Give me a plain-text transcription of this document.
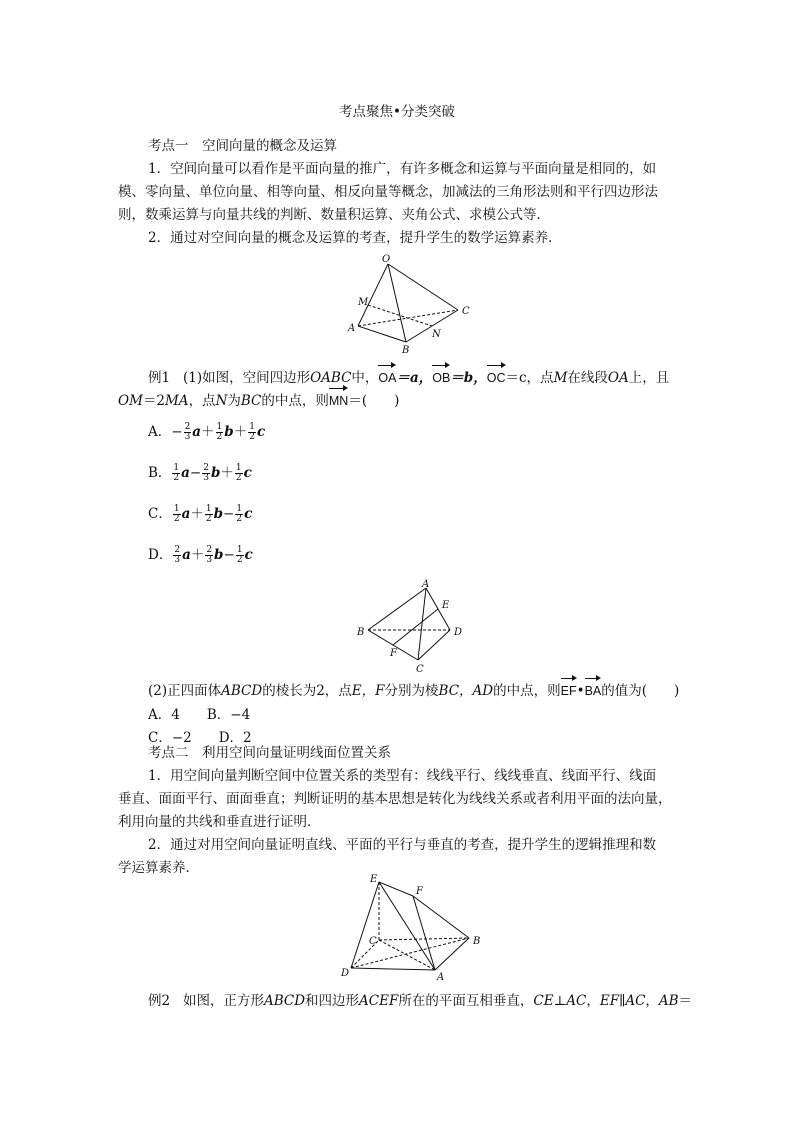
考点聚焦•分类突破
考点一　空间向量的概念及运算
1．空间向量可以看作是平面向量的推广，有许多概念和运算与平面向量是相同的，如
模、零向量、单位向量、相等向量、相反向量等概念，加减法的三角形法则和平行四边形法
则，数乘运算与向量共线的判断、数量积运算、夹角公式、求模公式等．
2．通过对空间向量的概念及运算的考查，提升学生的数学运算素养．
O
M
A
B
C
N
例1 (1)如图，空间四边形OABC中，OA＝a，OB＝b，OC＝c，点M在线段OA上，且
OM＝2MA，点N为BC的中点，则MN＝(　　)
A．− $\frac{2}{3} a+ \frac{1}{2} b+ \frac{1}{2}$ c
B． $\frac{1}{2} a- \frac{2}{3} b+ \frac{1}{2}$ c
C． $\frac{1}{2} a+ \frac{1}{2} b- \frac{1}{2}$ c
D． $\frac{2}{3} a+ \frac{2}{3} b- \frac{1}{2}$ c
A
E
B	D
F
C
(2)正四面体ABCD的棱长为2，点E，F分别为棱BC，AD的中点，则EF•BA的值为(　　)
A．4　　B．−4
C．−2　　D．2
考点二　利用空间向量证明线面位置关系
1．用空间向量判断空间中位置关系的类型有：线线平行、线线垂直、线面平行、线面
垂直、面面平行、面面垂直；判断证明的基本思想是转化为线线关系或者利用平面的法向量，
利用向量的共线和垂直进行证明．
2．通过对用空间向量证明直线、平面的平行与垂直的考查，提升学生的逻辑推理和数
学运算素养．
E
F
C	B
D	A
例2 如图，正方形ABCD和四边形ACEF所在的平面互相垂直，CE⊥AC，EF∥AC，AB＝
